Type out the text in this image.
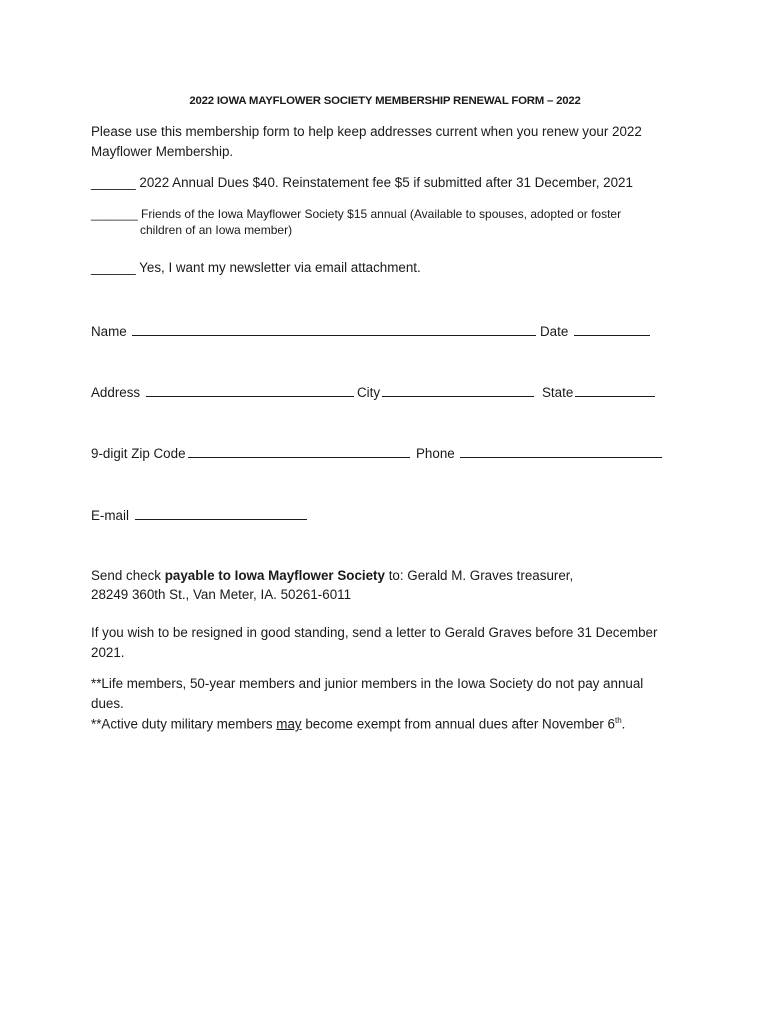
2022 IOWA MAYFLOWER SOCIETY MEMBERSHIP RENEWAL FORM – 2022
Please use this membership form to help keep addresses current when you renew your 2022
Mayflower Membership.
______ 2022 Annual Dues $40. Reinstatement fee $5 if submitted after 31 December, 2021
_______ Friends of the Iowa Mayflower Society $15 annual (Available to spouses, adopted or foster
children of an Iowa member)
______ Yes, I want my newsletter via email attachment.
Name	Date
Address	City	State
9-digit Zip Code	Phone
E-mail
Send check payable to Iowa Mayflower Society to: Gerald M. Graves treasurer,
28249 360th St., Van Meter, IA. 50261-6011
If you wish to be resigned in good standing, send a letter to Gerald Graves before 31 December
2021.
**Life members, 50-year members and junior members in the Iowa Society do not pay annual
dues.
**Active duty military members may become exempt from annual dues after November 6th.
